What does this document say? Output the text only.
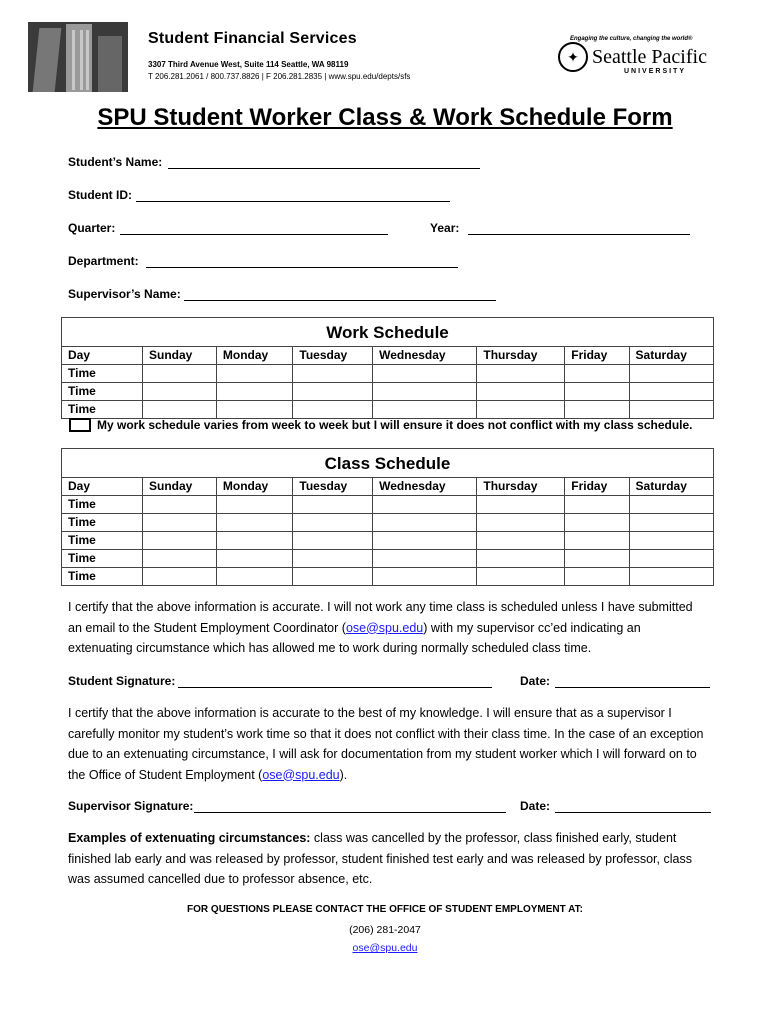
Student Financial Services
3307 Third Avenue West, Suite 114 Seattle, WA 98119
T 206.281.2061 / 800.737.8826 | F 206.281.2835 | www.spu.edu/depts/sfs
Engaging the culture, changing the world®
✦ Seattle Pacific
UNIVERSITY
SPU Student Worker Class & Work Schedule Form
Student’s Name:
Student ID:
Quarter:	Year:
Department:
Supervisor’s Name:
Work Schedule							
Day	Sunday	Monday	Tuesday	Wednesday	Thursday	Friday	Saturday
Time							
Time							
Time							
My work schedule varies from week to week but I will ensure it does not conflict with my class schedule.
Class Schedule							
Day	Sunday	Monday	Tuesday	Wednesday	Thursday	Friday	Saturday
Time							
Time							
Time							
Time							
Time							
I certify that the above information is accurate. I will not work any time class is scheduled unless I have submitted an email to the Student Employment Coordinator (ose@spu.edu) with my supervisor cc’ed indicating an extenuating circumstance which has allowed me to work during normally scheduled class time.
Student Signature:	Date:
I certify that the above information is accurate to the best of my knowledge. I will ensure that as a supervisor I carefully monitor my student’s work time so that it does not conflict with their class time. In the case of an exception due to an extenuating circumstance, I will ask for documentation from my student worker which I will forward on to the Office of Student Employment (ose@spu.edu).
Supervisor Signature:	Date:
Examples of extenuating circumstances: class was cancelled by the professor, class finished early, student finished lab early and was released by professor, student finished test early and was released by professor, class was assumed cancelled due to professor absence, etc.
FOR QUESTIONS PLEASE CONTACT THE OFFICE OF STUDENT EMPLOYMENT AT:
(206) 281-2047
ose@spu.edu
